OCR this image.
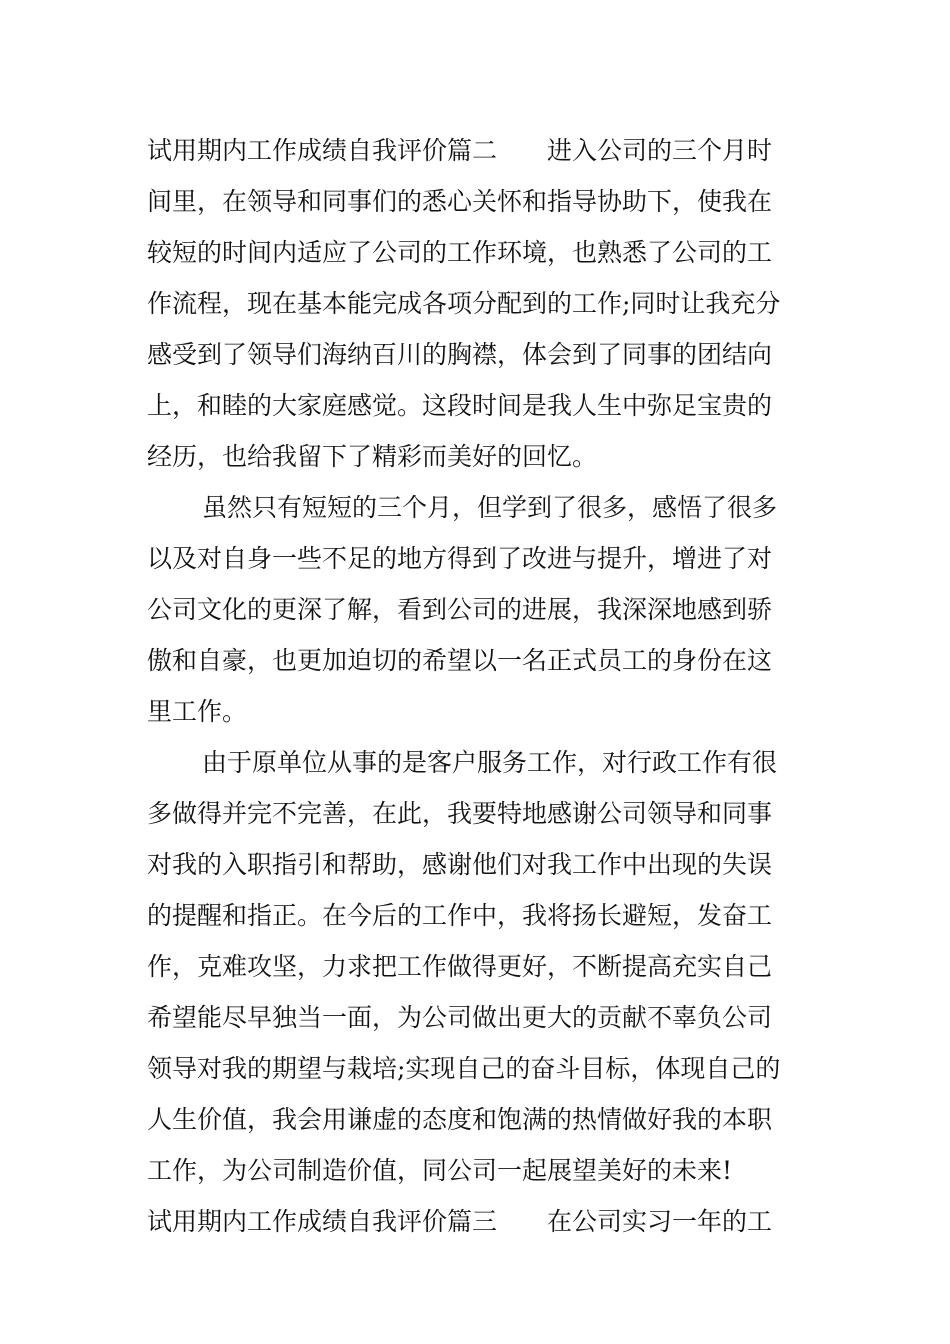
试用期内工作成绩自我评价篇二　　进入公司的三个月时
间里，在领导和同事们的悉心关怀和指导协助下，使我在
较短的时间内适应了公司的工作环境，也熟悉了公司的工
作流程，现在基本能完成各项分配到的工作;同时让我充分
感受到了领导们海纳百川的胸襟，体会到了同事的团结向
上，和睦的大家庭感觉。这段时间是我人生中弥足宝贵的
经历，也给我留下了精彩而美好的回忆。
虽然只有短短的三个月，但学到了很多，感悟了很多
以及对自身一些不足的地方得到了改进与提升，增进了对
公司文化的更深了解，看到公司的进展，我深深地感到骄
傲和自豪，也更加迫切的希望以一名正式员工的身份在这
里工作。
由于原单位从事的是客户服务工作，对行政工作有很
多做得并完不完善，在此，我要特地感谢公司领导和同事
对我的入职指引和帮助，感谢他们对我工作中出现的失误
的提醒和指正。在今后的工作中，我将扬长避短，发奋工
作，克难攻坚，力求把工作做得更好，不断提高充实自己
希望能尽早独当一面，为公司做出更大的贡献不辜负公司
领导对我的期望与栽培;实现自己的奋斗目标，体现自己的
人生价值，我会用谦虚的态度和饱满的热情做好我的本职
工作，为公司制造价值，同公司一起展望美好的未来!
试用期内工作成绩自我评价篇三　　在公司实习一年的工
